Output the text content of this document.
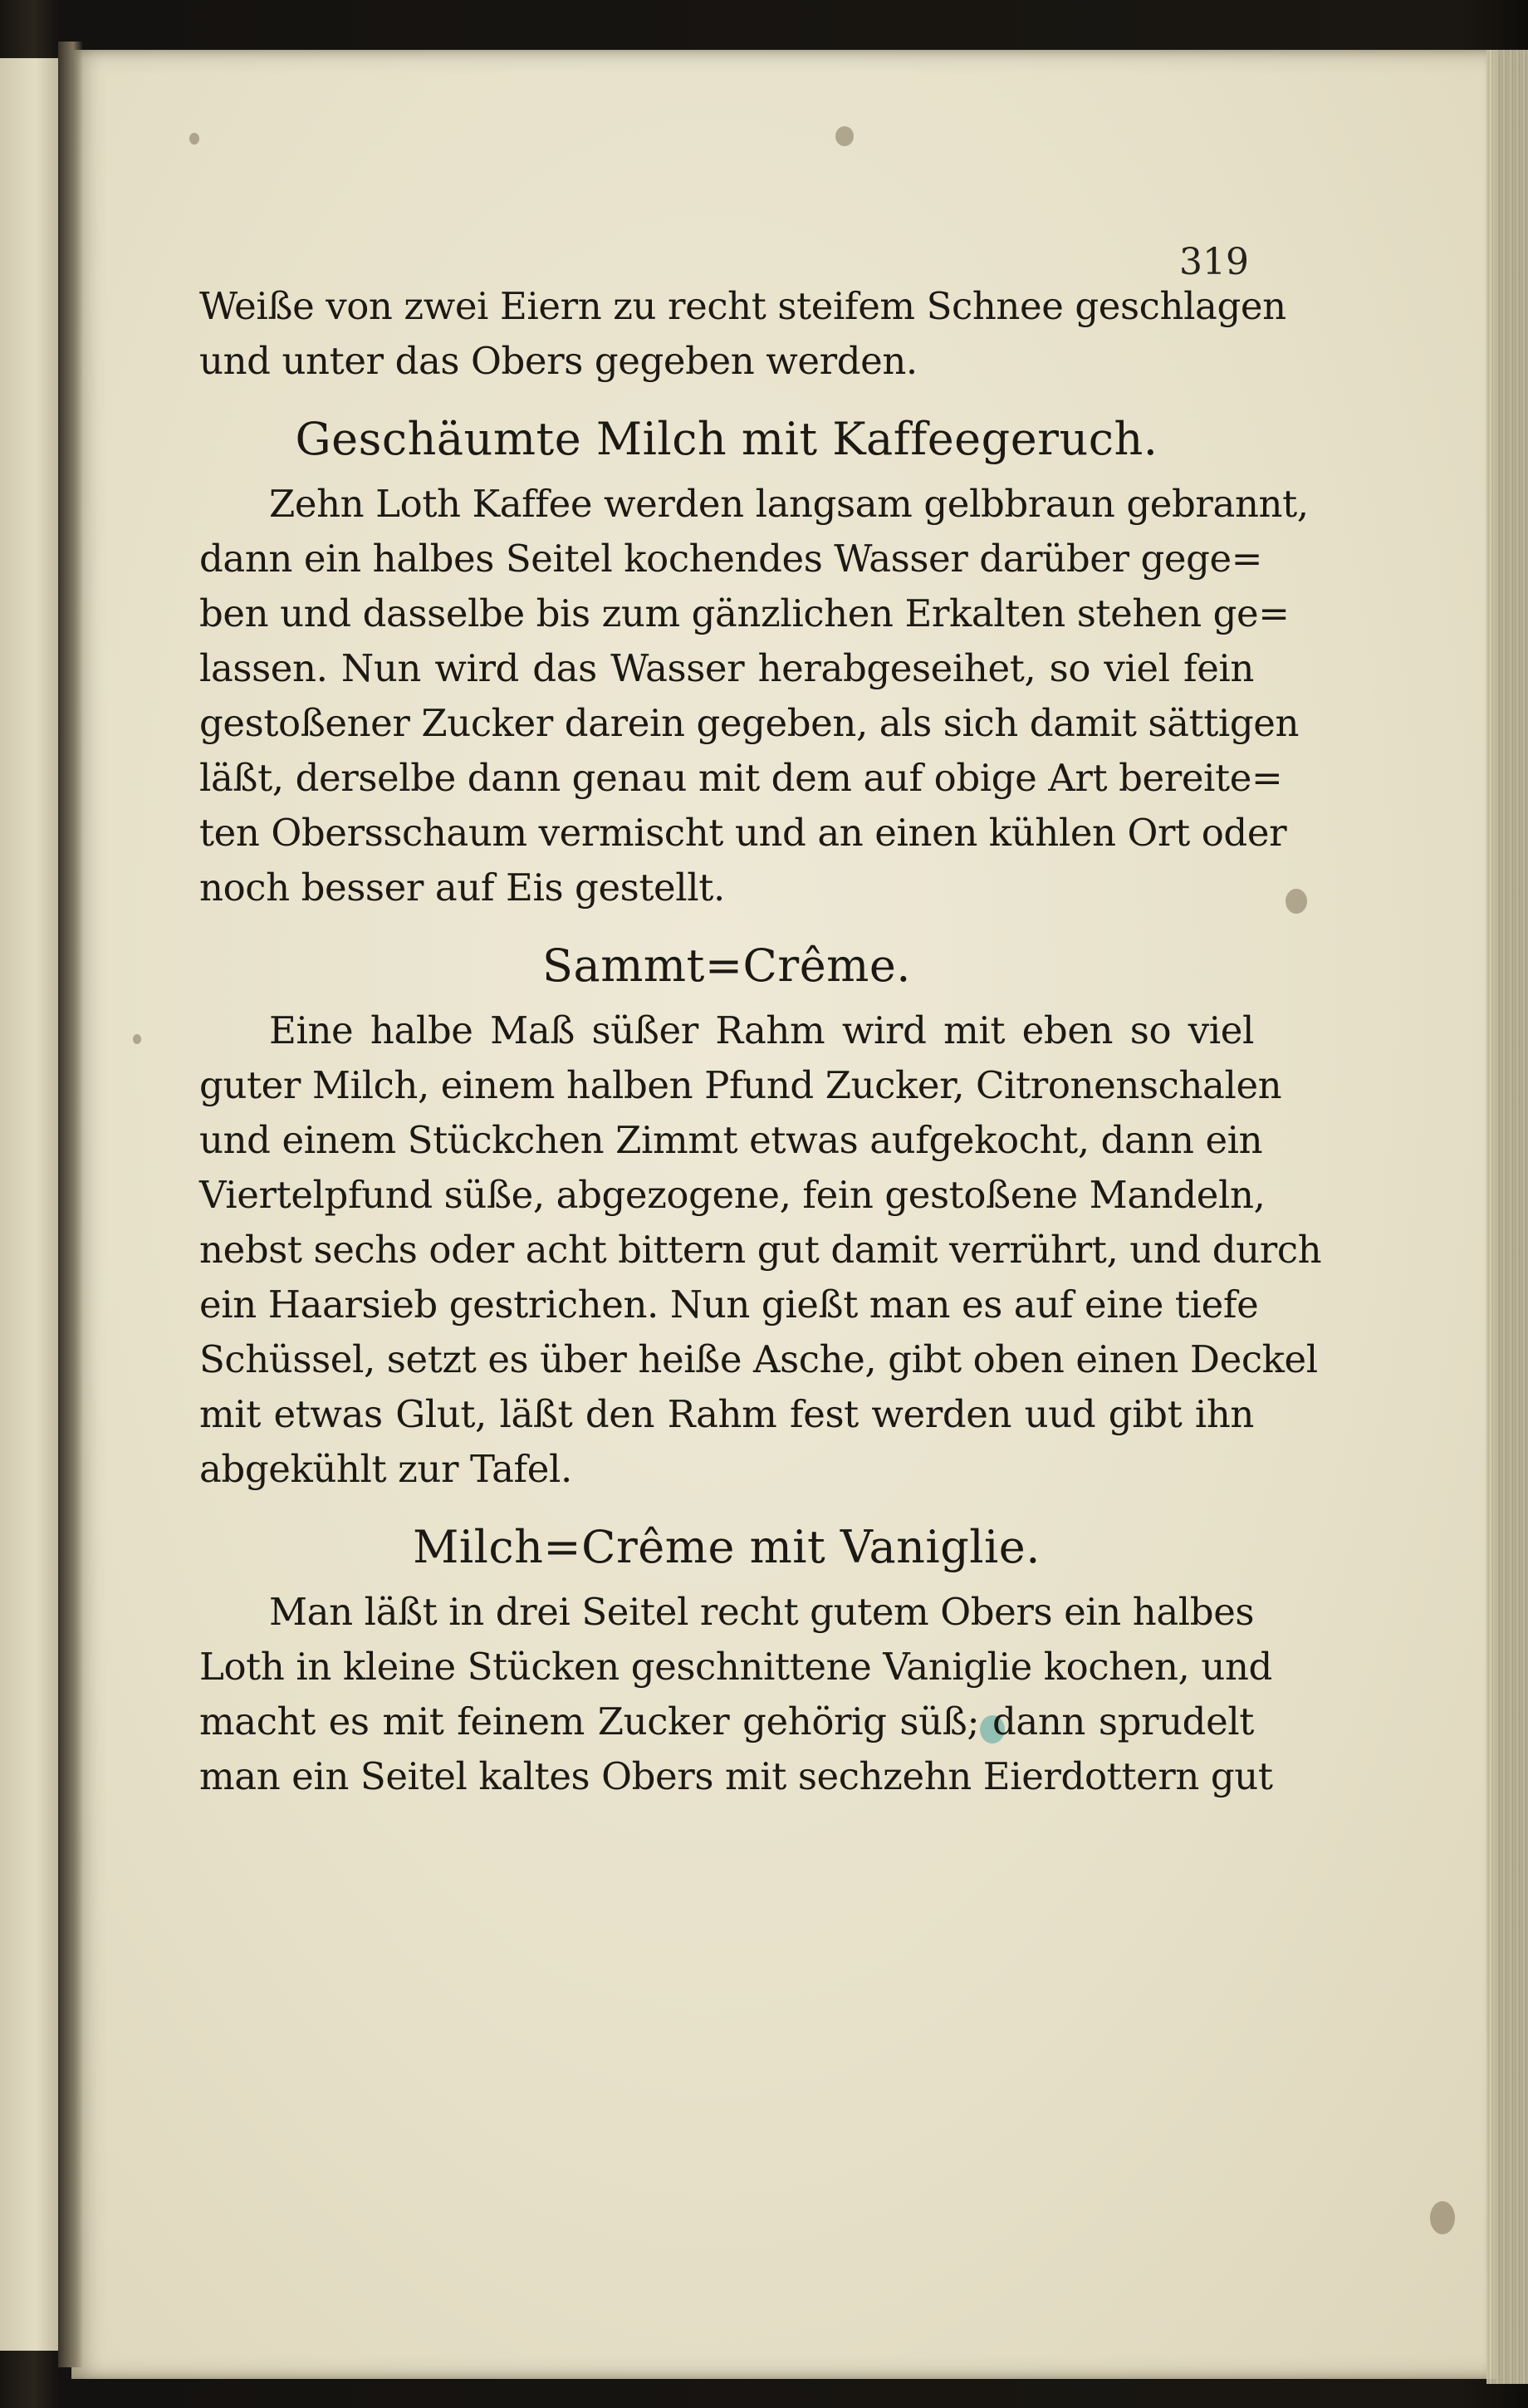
319
Weiße von zwei Eiern zu recht steifem Schnee geschlagen
und unter das Obers gegeben werden.
Geschäumte Milch mit Kaffeegeruch.
Zehn Loth Kaffee werden langsam gelbbraun gebrannt,
dann ein halbes Seitel kochendes Wasser darüber gege=
ben und dasselbe bis zum gänzlichen Erkalten stehen ge=
lassen. Nun wird das Wasser herabgeseihet, so viel fein
gestoßener Zucker darein gegeben, als sich damit sättigen
läßt, derselbe dann genau mit dem auf obige Art bereite=
ten Obersschaum vermischt und an einen kühlen Ort oder
noch besser auf Eis gestellt.
Sammt=Crême.
Eine halbe Maß süßer Rahm wird mit eben so viel
guter Milch, einem halben Pfund Zucker, Citronenschalen
und einem Stückchen Zimmt etwas aufgekocht, dann ein
Viertelpfund süße, abgezogene, fein gestoßene Mandeln,
nebst sechs oder acht bittern gut damit verrührt, und durch
ein Haarsieb gestrichen. Nun gießt man es auf eine tiefe
Schüssel, setzt es über heiße Asche, gibt oben einen Deckel
mit etwas Glut, läßt den Rahm fest werden uud gibt ihn
abgekühlt zur Tafel.
Milch=Crême mit Vaniglie.
Man läßt in drei Seitel recht gutem Obers ein halbes
Loth in kleine Stücken geschnittene Vaniglie kochen, und
macht es mit feinem Zucker gehörig süß; dann sprudelt
man ein Seitel kaltes Obers mit sechzehn Eierdottern gut
